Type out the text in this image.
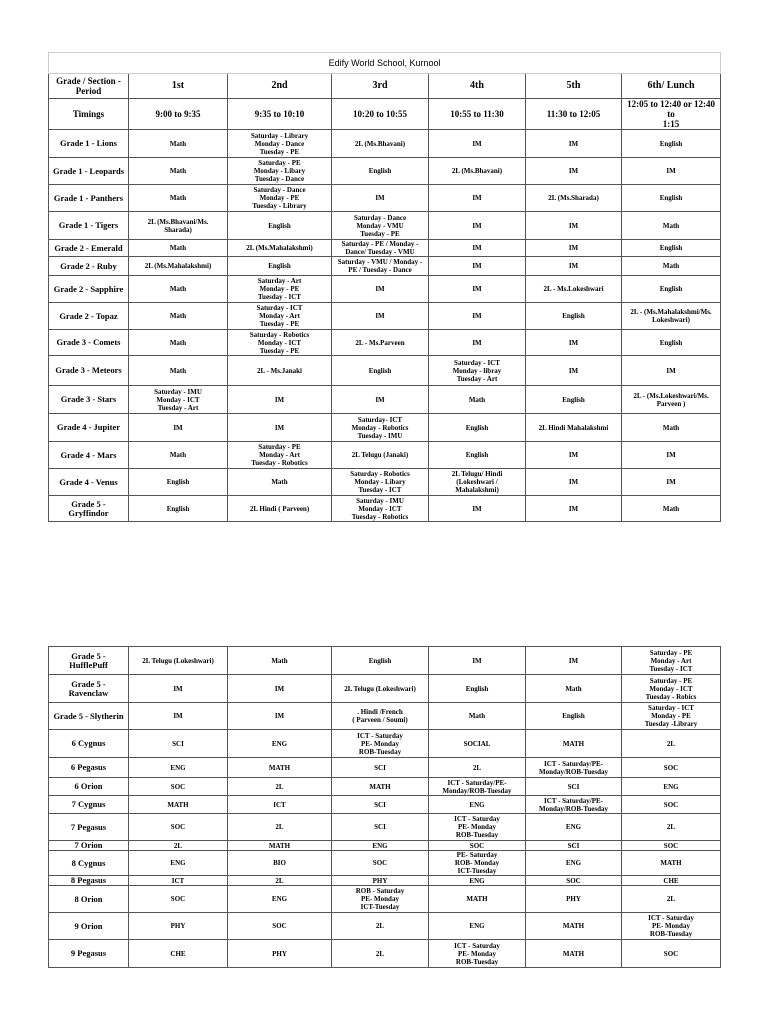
Edify World School, Kurnool						
Grade / Section -
Period	1st	2nd	3rd	4th	5th	6th/ Lunch
Timings	9:00 to 9:35	9:35 to 10:10	10:20 to 10:55	10:55 to 11:30	11:30 to 12:05	12:05 to 12:40 or 12:40 to
1:15
Grade 1 - Lions	Math	Saturday - Library
Monday - Dance
Tuesday - PE	2L (Ms.Bhavani)	IM	IM	English
Grade 1 - Leopards	Math	Saturday - PE
Monday - Libary
Tuesday - Dance	English	2L (Ms.Bhavani)	IM	IM
Grade 1 - Panthers	Math	Saturday - Dance
Monday - PE
Tuesday - Library	IM	IM	2L (Ms.Sharada)	English
Grade 1 - Tigers	2L (Ms.Bhavani/Ms.
Sharada)	English	Saturday - Dance
Monday - VMU
Tuesday - PE	IM	IM	Math
Grade 2 - Emerald	Math	2L (Ms.Mahalakshmi)	Saturday - PE / Monday -
Dance/ Tuesday - VMU	IM	IM	English
Grade 2 - Ruby	2L (Ms.Mahalakshmi)	English	Saturday - VMU / Monday -
PE / Tuesday - Dance	IM	IM	Math
Grade 2 - Sapphire	Math	Saturday - Art
Monday - PE
Tuesday - ICT	IM	IM	2L - Ms.Lokeshwari	English
Grade 2 - Topaz	Math	Saturday - ICT
Monday - Art
Tuesday - PE	IM	IM	English	2L - (Ms.Mahalakshmi/Ms.
Lokeshwari)
Grade 3 - Comets	Math	Saturday - Robotics
Monday - ICT
Tuesday - PE	2L - Ms.Parveen	IM	IM	English
Grade 3 - Meteors	Math	2L - Ms.Janaki	English	Saturday - ICT
Monday - libray
Tuesday - Art	IM	IM
Grade 3 - Stars	Saturday - IMU
Monday - ICT
Tuesday - Art	IM	IM	Math	English	2L - (Ms.Lokeshwari/Ms.
Parveen )
Grade 4 - Jupiter	IM	IM	Saturday- ICT
Monday - Robotics
Tuesday - IMU	English	2L Hindi Mahalakshmi	Math
Grade 4 - Mars	Math	Saturday - PE
Monday - Art
Tuesday - Robotics	2L Telugu (Janaki)	English	IM	IM
Grade 4 - Venus	English	Math	Saturday - Robotics
Monday - Libary
Tuesday - ICT	2L Telugu/ Hindi
(Lokeshwari /
Mahalakshmi)	IM	IM
Grade 5 - Gryffindor	English	2L Hindi ( Parveen)	Saturday - IMU
Monday - ICT
Tuesday - Robotics	IM	IM	Math
Grade 5 - HufflePuff	2L Telugu (Lokeshwari)	Math	English	IM	IM	Saturday - PE
Monday - Art
Tuesday - ICT
Grade 5 - Ravenclaw	IM	IM	2L Telugu (Lokeshwari)	English	Math	Saturday - PE
Monday - ICT
Tuesday - Robics
Grade 5 - Slytherin	IM	IM	. Hindi /French
( Parveen / Soumi)	Math	English	Saturday - ICT
Monday - PE
Tuesday -Library
6 Cygnus	SCI	ENG	ICT - Saturday
PE- Monday
ROB-Tuesday	SOCIAL	MATH	2L
6 Pegasus	ENG	MATH	SCI	2L	ICT - Saturday/PE-
Monday/ROB-Tuesday	SOC
6 Orion	SOC	2L	MATH	ICT - Saturday/PE-
Monday/ROB-Tuesday	SCI	ENG
7 Cygnus	MATH	ICT	SCI	ENG	ICT - Saturday/PE-
Monday/ROB-Tuesday	SOC
7 Pegasus	SOC	2L	SCI	ICT - Saturday
PE- Monday
ROB-Tuesday	ENG	2L
7 Orion	2L	MATH	ENG	SOC	SCI	SOC
8 Cygnus	ENG	BIO	SOC	PE- Saturday
ROB- Monday
ICT-Tuesday	ENG	MATH
8 Pegasus	ICT	2L	PHY	ENG	SOC	CHE
8 Orion	SOC	ENG	ROB - Saturday
PE- Monday
ICT-Tuesday	MATH	PHY	2L
9 Orion	PHY	SOC	2L	ENG	MATH	ICT - Saturday
PE- Monday
ROB-Tuesday
9 Pegasus	CHE	PHY	2L	ICT - Saturday
PE- Monday
ROB-Tuesday	MATH	SOC
